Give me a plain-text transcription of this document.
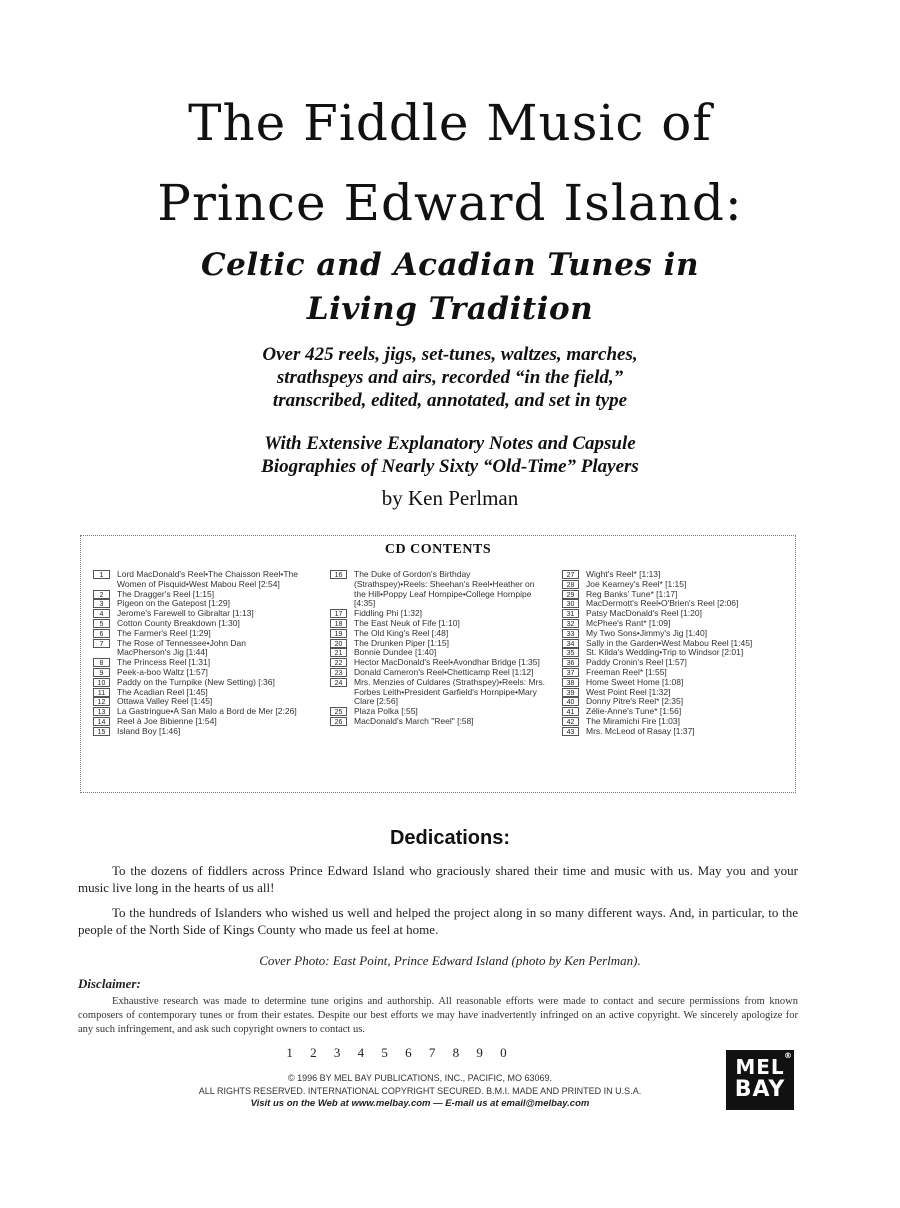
The Fiddle Music of
Prince Edward Island:
Celtic and Acadian Tunes in
Living Tradition

Over 425 reels, jigs, set-tunes, waltzes, marches,

strathspeys and airs, recorded “in the field,”

transcribed, edited, annotated, and set in type

With Extensive Explanatory Notes and Capsule

Biographies of Nearly Sixty “Old-Time” Players

by Ken Perlman
CD CONTENTS
1	Lord MacDonald's Reel•The Chaisson Reel•The Women of Pisquid•West Mabou Reel [2:54]
2	The Dragger's Reel [1:15]
3	Pigeon on the Gatepost [1:29]
4	Jerome's Farewell to Gibraltar [1:13]
5	Cotton County Breakdown [1:30]
6	The Farmer's Reel [1:29]
7	The Rose of Tennessee•John Dan MacPherson's Jig [1:44]
8	The Princess Reel [1:31]
9	Peek-a-boo Waltz [1:57]
10	Paddy on the Turnpike (New Setting) [:36]
11	The Acadian Reel [1:45]
12	Ottawa Valley Reel [1:45]
13	La Gastringue•A San Malo a Bord de Mer [2:26]
14	Reel à Joe Bibienne [1:54]
15	Island Boy [1:46]
16	The Duke of Gordon's Birthday (Strathspey)•Reels: Sheehan's Reel•Heather on the Hill•Poppy Leaf Hornpipe•College Hornpipe [4:35]
17	Fiddling Phi [1:32]
18	The East Neuk of Fife [1:10]
19	The Old King's Reel [:48]
20	The Drunken Piper [1:15]
21	Bonnie Dundee [1:40]
22	Hector MacDonald's Reel•Avondhar Bridge [1:35]
23	Donald Cameron's Reel•Chetticamp Reel [1:12]
24	Mrs. Menzies of Culdares (Strathspey)•Reels: Mrs. Forbes Leith•President Garfield's Hornpipe•Mary Clare [2:56]
25	Plaza Polka [:55]
26	MacDonald's March "Reel" [:58]
27	Wight's Reel* [1:13]
28	Joe Kearney's Reel* [1:15]
29	Reg Banks' Tune* [1:17]
30	MacDermott's Reel•O'Brien's Reel [2:06]
31	Patsy MacDonald's Reel [1:20]
32	McPhee's Rant* [1:09]
33	My Two Sons•Jimmy's Jig [1:40]
34	Sally in the Garden•West Mabou Reel [1:45]
35	St. Kilda's Wedding•Trip to Windsor [2:01]
36	Paddy Cronin's Reel [1:57]
37	Freeman Reel* [1:55]
38	Home Sweet Home [1:08]
39	West Point Reel [1:32]
40	Donny Pitre's Reel* [2:35]
41	Zélie-Anne's Tune* [1:56]
42	The Miramichi Fire [1:03]
43	Mrs. McLeod of Rasay [1:37]
Dedications:

To the dozens of fiddlers across Prince Edward Island who graciously shared their time and music with us. May you and your music live long in the hearts of us all!

To the hundreds of Islanders who wished us well and helped the project along in so many different ways. And, in particular, to the people of the North Side of Kings County who made us feel at home.

Cover Photo: East Point, Prince Edward Island (photo by Ken Perlman).
Disclaimer:

Exhaustive research was made to determine tune origins and authorship. All reasonable efforts were made to contact and secure permissions from known composers of contemporary tunes or from their estates. Despite our best efforts we may have inadvertently infringed on an active copyright. We sincerely apologize for any such infringement, and ask such copyright owners to contact us.

1 2 3 4 5 6 7 8 9 0
© 1996 BY MEL BAY PUBLICATIONS, INC., PACIFIC, MO 63069.
ALL RIGHTS RESERVED. INTERNATIONAL COPYRIGHT SECURED. B.M.I. MADE AND PRINTED IN U.S.A.
Visit us on the Web at www.melbay.com — E-mail us at email@melbay.com
®
MEL
BAY
